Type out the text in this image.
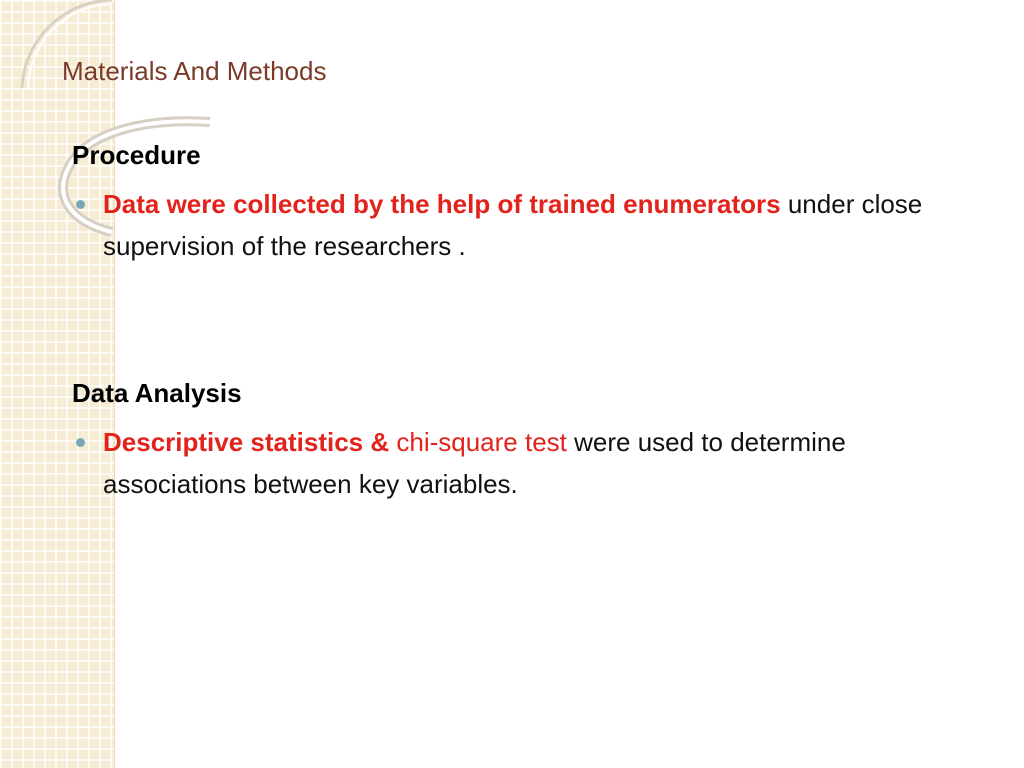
Materials And Methods
Procedure
Data were collected by the help of trained enumerators under close supervision of the researchers .
Data Analysis
Descriptive statistics & chi-square test were used to determine associations between key variables.
